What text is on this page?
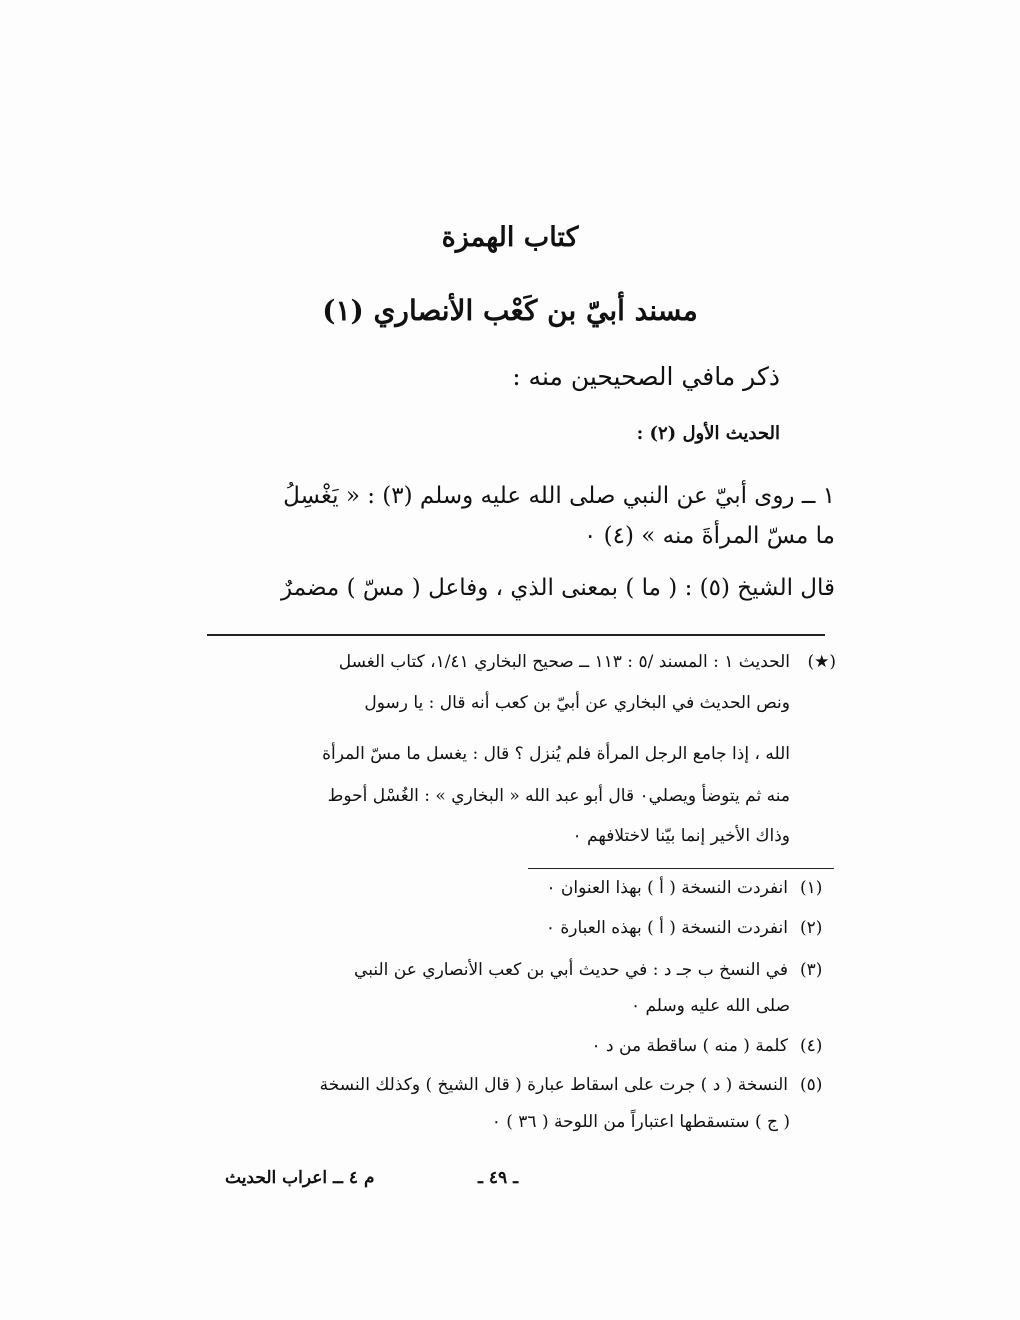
كتاب الهمزة
مسند أبيّ بن كَعْب الأنصاري (١)
ذكر مافي الصحيحين منه :
الحديث الأول (٢) :
١ ــ روى أبيّ عن النبي صلى الله عليه وسلم (٣) : « يَغْسِلُ
ما مسّ المرأةَ منه » (٤) ٠
قال الشيخ (٥) : ( ما ) بمعنى الذي ، وفاعل ( مسّ ) مضمرٌ
(★)
الحديث ١ : المسند /٥ : ١١٣ ــ صحيح البخاري ١/٤١، كتاب الغسل
ونص الحديث في البخاري عن أبيّ بن كعب أنه قال : يا رسول
الله ، إذا جامع الرجل المرأة فلم يُنزل ؟ قال : يغسل ما مسّ المرأة
منه ثم يتوضأ ويصلي٠ قال أبو عبد الله « البخاري » : الغُسْل أحوط
وذاك الأخير إنما بيّنا لاختلافهم ٠
(١)
انفردت النسخة ( أ ) بهذا العنوان ٠
(٢)
انفردت النسخة ( أ ) بهذه العبارة ٠
(٣)
في النسخ ب جـ د : في حديث أبي بن كعب الأنصاري عن النبي
صلى الله عليه وسلم ٠
(٤)
كلمة ( منه ) ساقطة من د ٠
(٥)
النسخة ( د ) جرت على اسقاط عبارة ( قال الشيخ ) وكذلك النسخة
( ج ) ستسقطها اعتباراً من اللوحة ( ٣٦ ) ٠
ـ ٤٩ ـ
م ٤ ــ اعراب الحديث
